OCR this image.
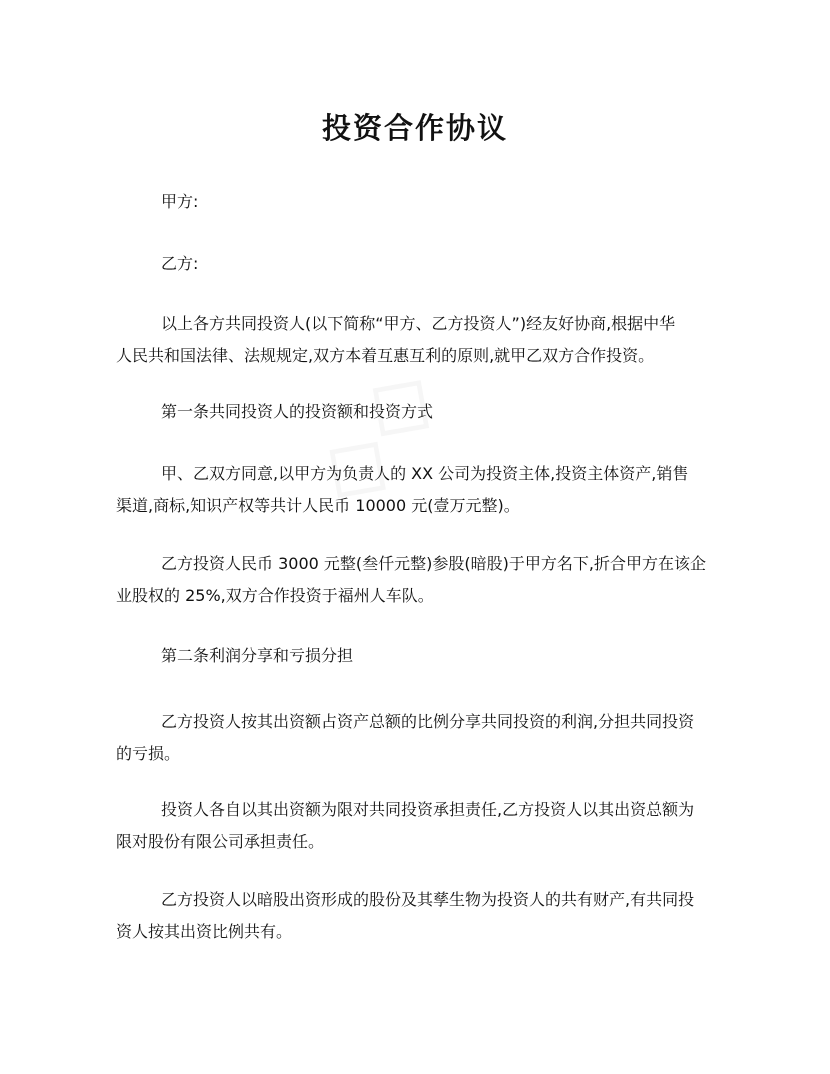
投资合作协议
甲方:
乙方:
以上各方共同投资人(以下简称“甲方、乙方投资人”)经友好协商,根据中华
人民共和国法律、法规规定,双方本着互惠互利的原则,就甲乙双方合作投资。
第一条共同投资人的投资额和投资方式
甲、乙双方同意,以甲方为负责人的 XX 公司为投资主体,投资主体资产,销售
渠道,商标,知识产权等共计人民币 10000 元(壹万元整)。
乙方投资人民币 3000 元整(叁仟元整)参股(暗股)于甲方名下,折合甲方在该企
业股权的 25%,双方合作投资于福州人车队。
第二条利润分享和亏损分担
乙方投资人按其出资额占资产总额的比例分享共同投资的利润,分担共同投资
的亏损。
投资人各自以其出资额为限对共同投资承担责任,乙方投资人以其出资总额为
限对股份有限公司承担责任。
乙方投资人以暗股出资形成的股份及其孳生物为投资人的共有财产,有共同投
资人按其出资比例共有。
